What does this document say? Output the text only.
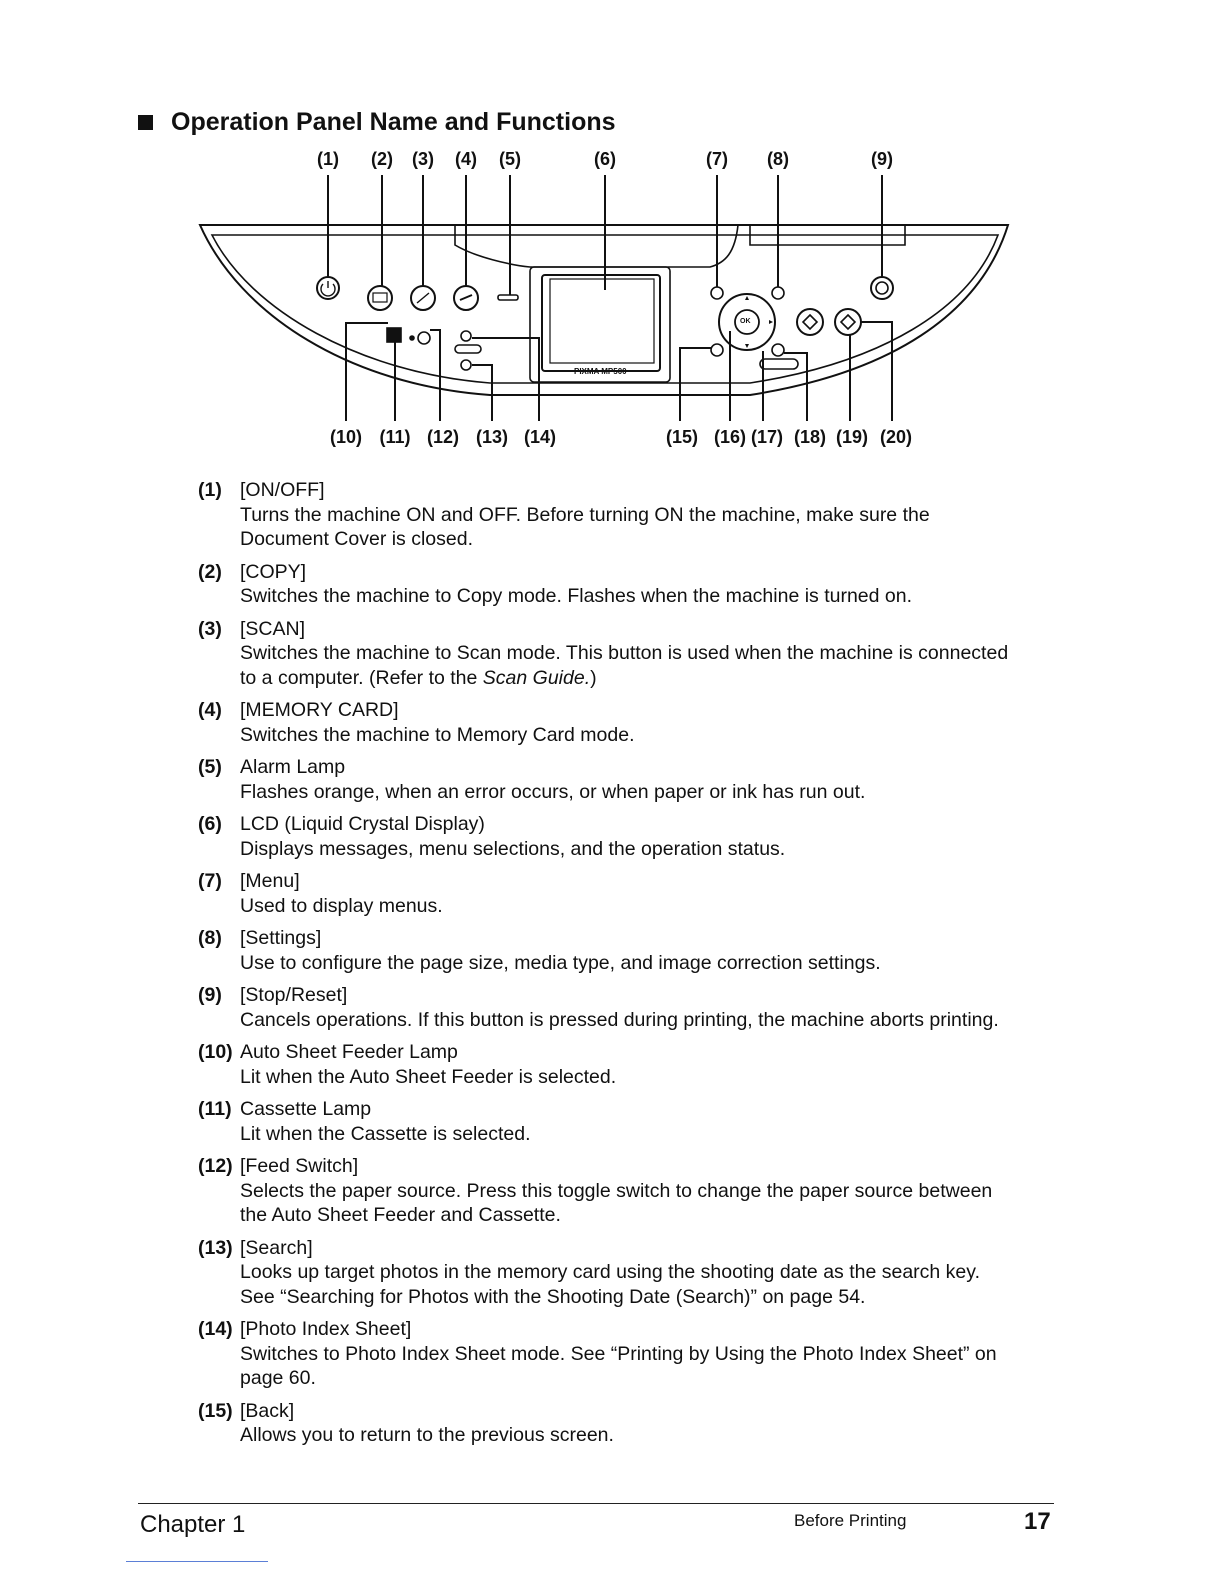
Operation Panel Name and Functions
(1) (2) (3) (4) (5)	(6)	(7) (8)	(9)
(10) (11) (12) (13) (14)	(15) (16) (17) (18) (19) (20)
PIXMA MP500
OK
(1) [ON/OFF]
Turns the machine ON and OFF. Before turning ON the machine, make sure the
Document Cover is closed.
(2) [COPY]
Switches the machine to Copy mode. Flashes when the machine is turned on.
(3) [SCAN]
Switches the machine to Scan mode. This button is used when the machine is connected
to a computer. (Refer to the Scan Guide.)
(4) [MEMORY CARD]
Switches the machine to Memory Card mode.
(5) Alarm Lamp
Flashes orange, when an error occurs, or when paper or ink has run out.
(6) LCD (Liquid Crystal Display)
Displays messages, menu selections, and the operation status.
(7) [Menu]
Used to display menus.
(8) [Settings]
Use to configure the page size, media type, and image correction settings.
(9) [Stop/Reset]
Cancels operations. If this button is pressed during printing, the machine aborts printing.
(10) Auto Sheet Feeder Lamp
Lit when the Auto Sheet Feeder is selected.
(11) Cassette Lamp
Lit when the Cassette is selected.
(12) [Feed Switch]
Selects the paper source. Press this toggle switch to change the paper source between
the Auto Sheet Feeder and Cassette.
(13) [Search]
Looks up target photos in the memory card using the shooting date as the search key.
See “Searching for Photos with the Shooting Date (Search)” on page 54.
(14) [Photo Index Sheet]
Switches to Photo Index Sheet mode. See “Printing by Using the Photo Index Sheet” on
page 60.
(15) [Back]
Allows you to return to the previous screen.
Chapter 1	Before Printing	17
